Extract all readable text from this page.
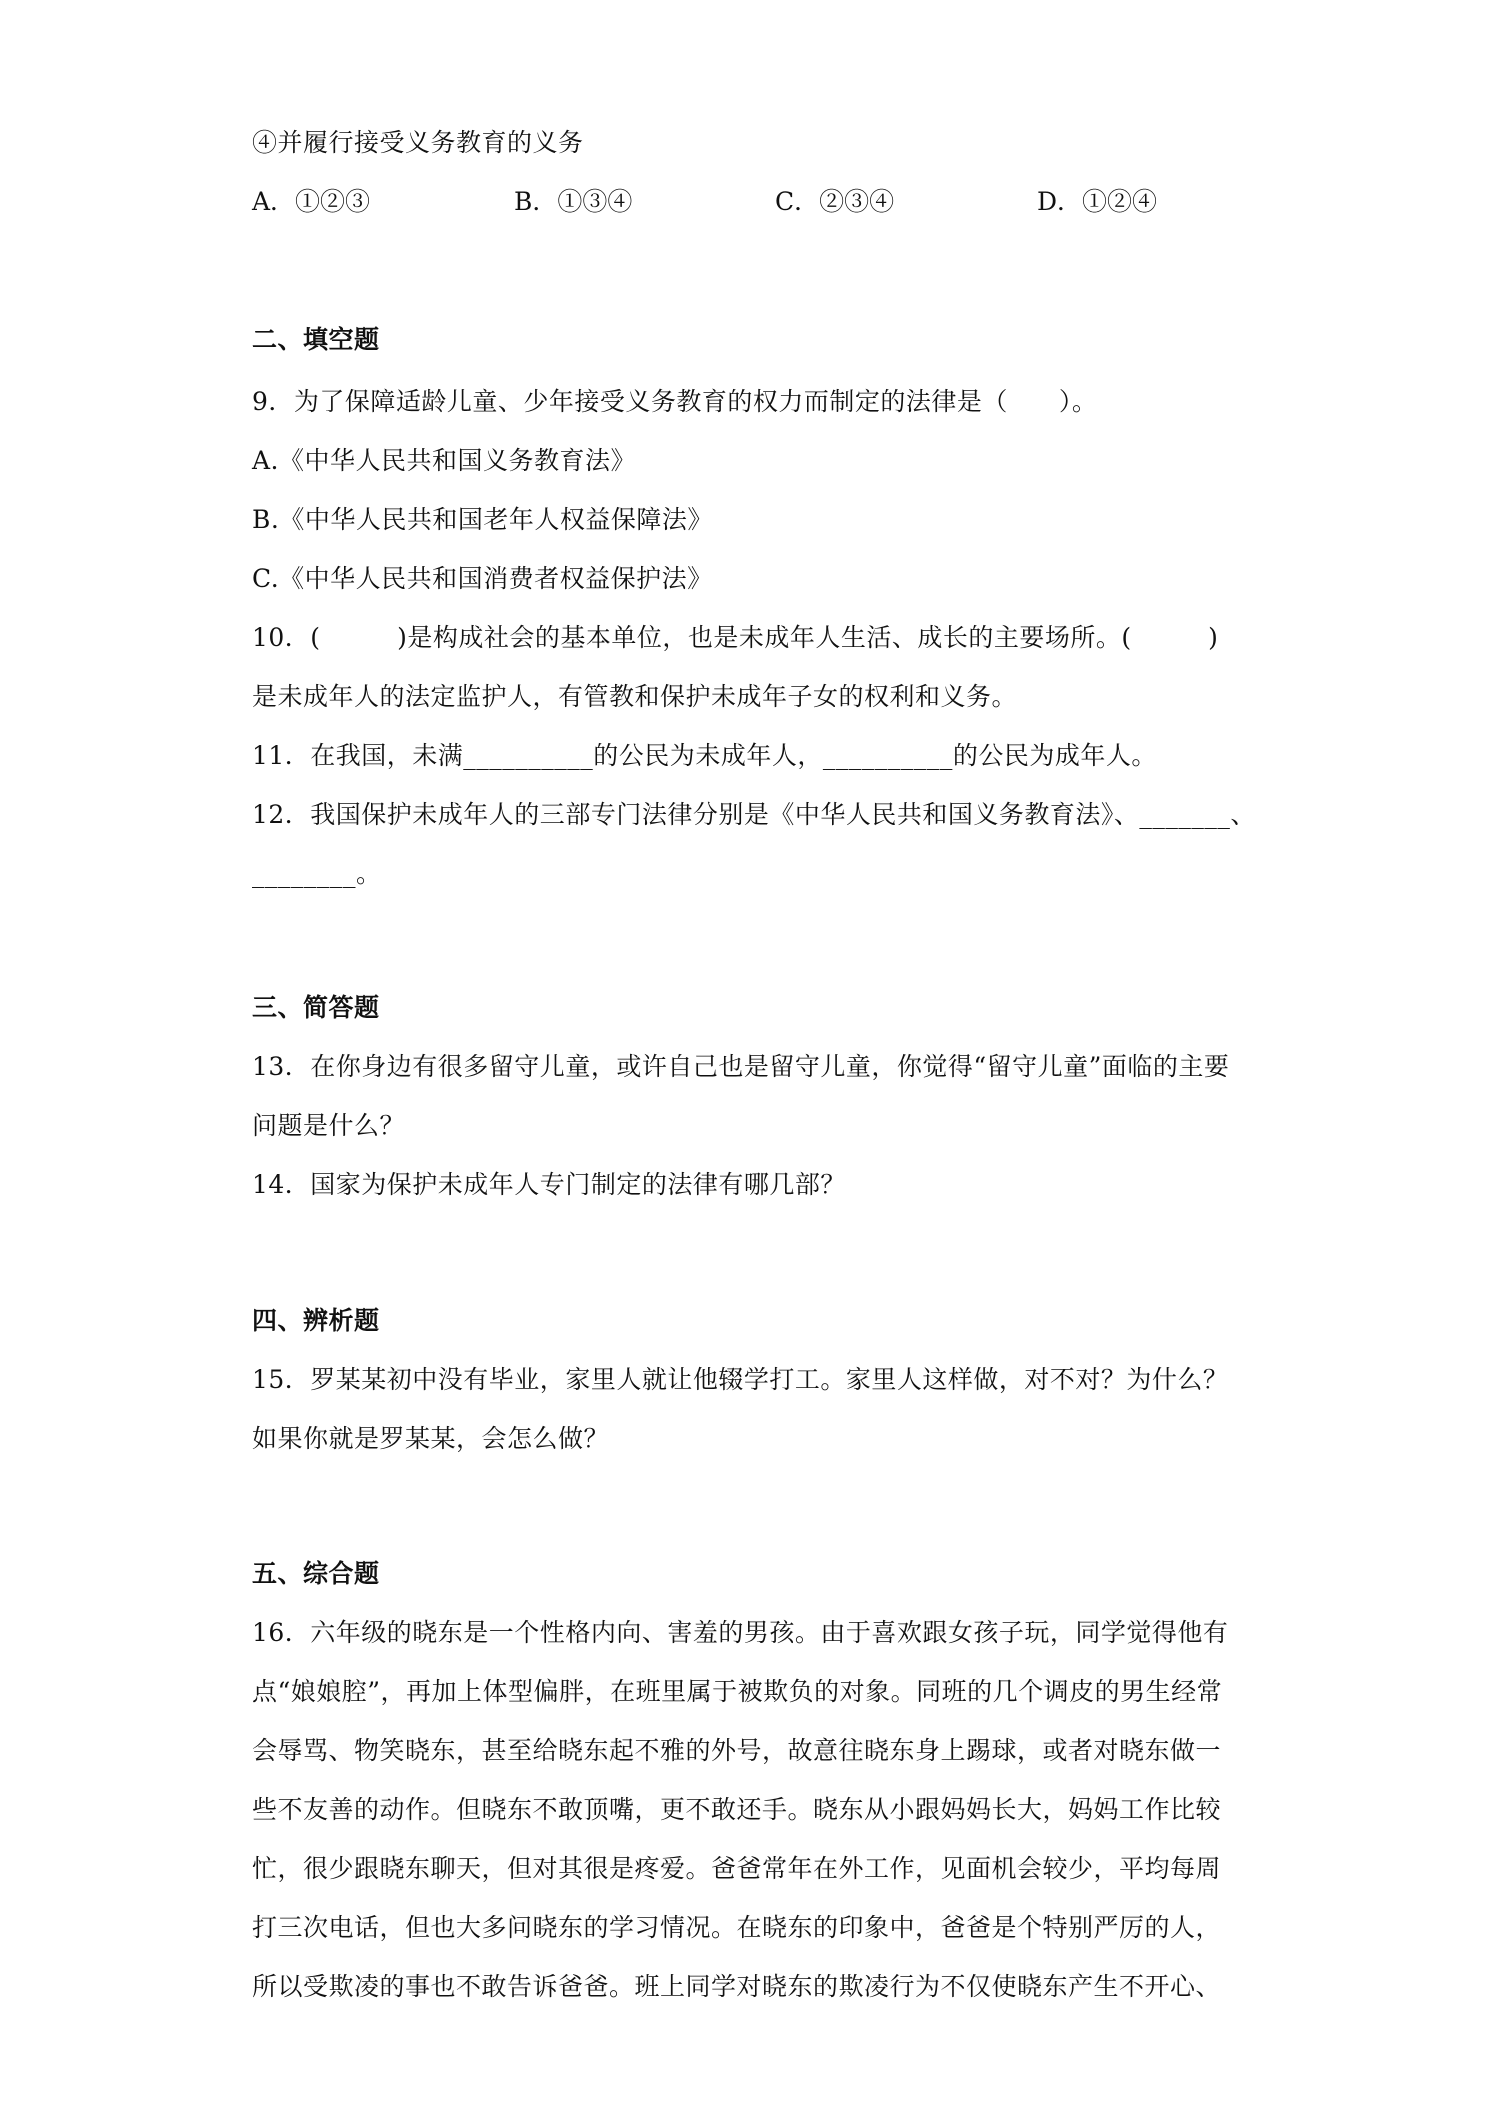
④并履行接受义务教育的义务
A．①②③	B．①③④	C．②③④	D．①②④
二、填空题
9．为了保障适龄儿童、少年接受义务教育的权力而制定的法律是（　　）。
A.《中华人民共和国义务教育法》
B.《中华人民共和国老年人权益保障法》
C.《中华人民共和国消费者权益保护法》
10．(　　　)是构成社会的基本单位，也是未成年人生活、成长的主要场所。(　　　)
是未成年人的法定监护人，有管教和保护未成年子女的权利和义务。
11．在我国，未满__________的公民为未成年人，__________的公民为成年人。
12．我国保护未成年人的三部专门法律分别是《中华人民共和国义务教育法》、_______、
________。
三、简答题
13．在你身边有很多留守儿童，或许自己也是留守儿童，你觉得“留守儿童”面临的主要
问题是什么？
14．国家为保护未成年人专门制定的法律有哪几部？
四、辨析题
15．罗某某初中没有毕业，家里人就让他辍学打工。家里人这样做，对不对？为什么？
如果你就是罗某某，会怎么做？
五、综合题
16．六年级的晓东是一个性格内向、害羞的男孩。由于喜欢跟女孩子玩，同学觉得他有
点“娘娘腔”，再加上体型偏胖，在班里属于被欺负的对象。同班的几个调皮的男生经常
会辱骂、物笑晓东，甚至给晓东起不雅的外号，故意往晓东身上踢球，或者对晓东做一
些不友善的动作。但晓东不敢顶嘴，更不敢还手。晓东从小跟妈妈长大，妈妈工作比较
忙，很少跟晓东聊天，但对其很是疼爱。爸爸常年在外工作，见面机会较少，平均每周
打三次电话，但也大多问晓东的学习情况。在晓东的印象中，爸爸是个特别严厉的人，
所以受欺凌的事也不敢告诉爸爸。班上同学对晓东的欺凌行为不仅使晓东产生不开心、
